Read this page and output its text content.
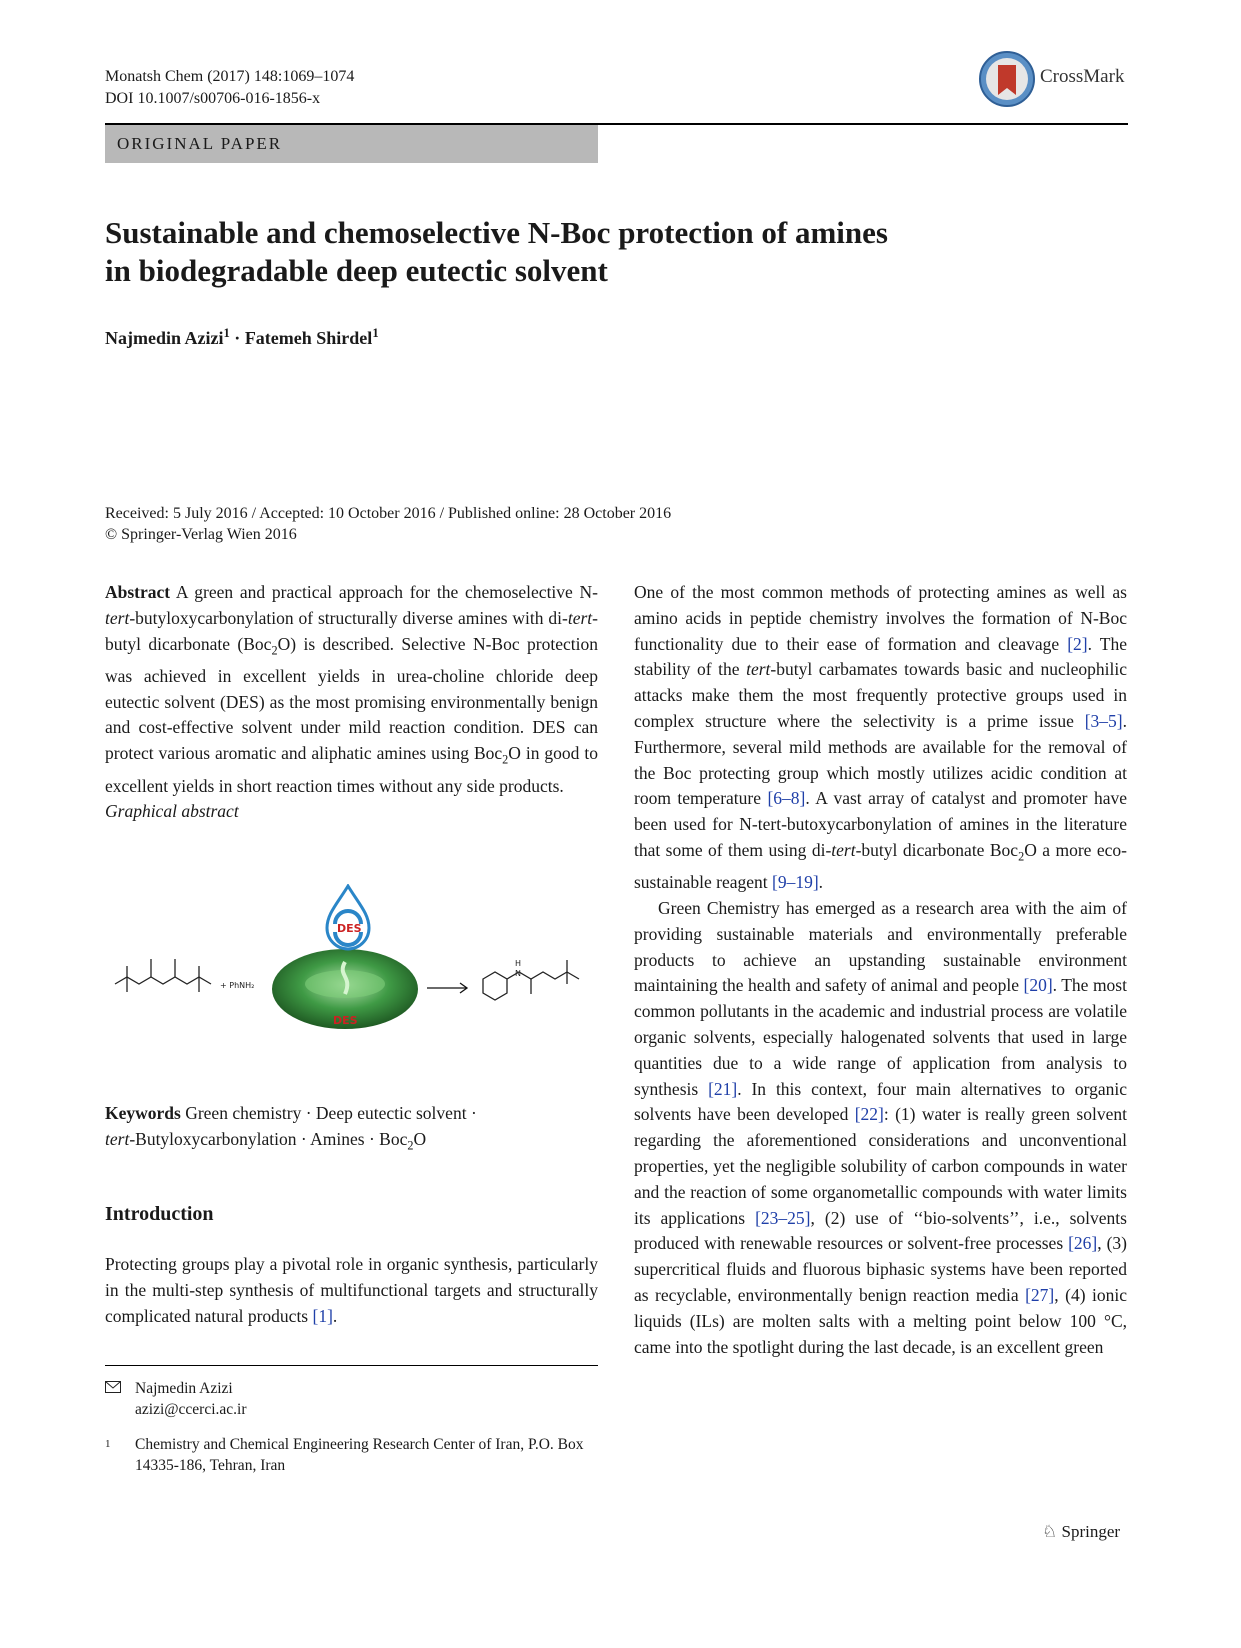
Monatsh Chem (2017) 148:1069–1074
DOI 10.1007/s00706-016-1856-x
CrossMark
ORIGINAL PAPER
Sustainable and chemoselective N-Boc protection of amines
in biodegradable deep eutectic solvent
Najmedin Azizi$^1$ · Fatemeh Shirdel$^1$
Received: 5 July 2016 / Accepted: 10 October 2016 / Published online: 28 October 2016
© Springer-Verlag Wien 2016

Abstract A green and practical approach for the chemoselective N-tert-butyloxycarbonylation of structurally diverse amines with di-tert-butyl dicarbonate (Boc$_2$O) is described. Selective N-Boc protection was achieved in excellent yields in urea-choline chloride deep eutectic solvent (DES) as the most promising environmentally benign and cost-effective solvent under mild reaction condition. DES can protect various aromatic and aliphatic amines using Boc$_2$O in good to excellent yields in short reaction times without any side products.

Graphical abstract

+ PhNH₂
DES
DES
H
N
Keywords Green chemistry · Deep eutectic solvent ·
tert-Butyloxycarbonylation · Amines · Boc$_2$O
Introduction

Protecting groups play a pivotal role in organic synthesis, particularly in the multi-step synthesis of multifunctional targets and structurally complicated natural products [1].

Najmedin Azizi
azizi@ccerci.ac.ir
1 Chemistry and Chemical Engineering Research Center of Iran, P.O. Box 14335-186, Tehran, Iran

One of the most common methods of protecting amines as well as amino acids in peptide chemistry involves the formation of N-Boc functionality due to their ease of formation and cleavage [2]. The stability of the tert-butyl carbamates towards basic and nucleophilic attacks make them the most frequently protective groups used in complex structure where the selectivity is a prime issue [3–5]. Furthermore, several mild methods are available for the removal of the Boc protecting group which mostly utilizes acidic condition at room temperature [6–8]. A vast array of catalyst and promoter have been used for N-tert-butoxycarbonylation of amines in the literature that some of them using di-tert-butyl dicarbonate Boc$_2$O a more eco-sustainable reagent [9–19].

Green Chemistry has emerged as a research area with the aim of providing sustainable materials and environmentally preferable products to achieve an upstanding sustainable environment maintaining the health and safety of animal and people [20]. The most common pollutants in the academic and industrial process are volatile organic solvents, especially halogenated solvents that used in large quantities due to a wide range of application from analysis to synthesis [21]. In this context, four main alternatives to organic solvents have been developed [22]: (1) water is really green solvent regarding the aforementioned considerations and unconventional properties, yet the negligible solubility of carbon compounds in water and the reaction of some organometallic compounds with water limits its applications [23–25], (2) use of ‘‘bio-solvents’’, i.e., solvents produced with renewable resources or solvent-free processes [26], (3) supercritical fluids and fluorous biphasic systems have been reported as recyclable, environmentally benign reaction media [27], (4) ionic liquids (ILs) are molten salts with a melting point below 100 °C, came into the spotlight during the last decade, is an excellent green

♘ Springer
